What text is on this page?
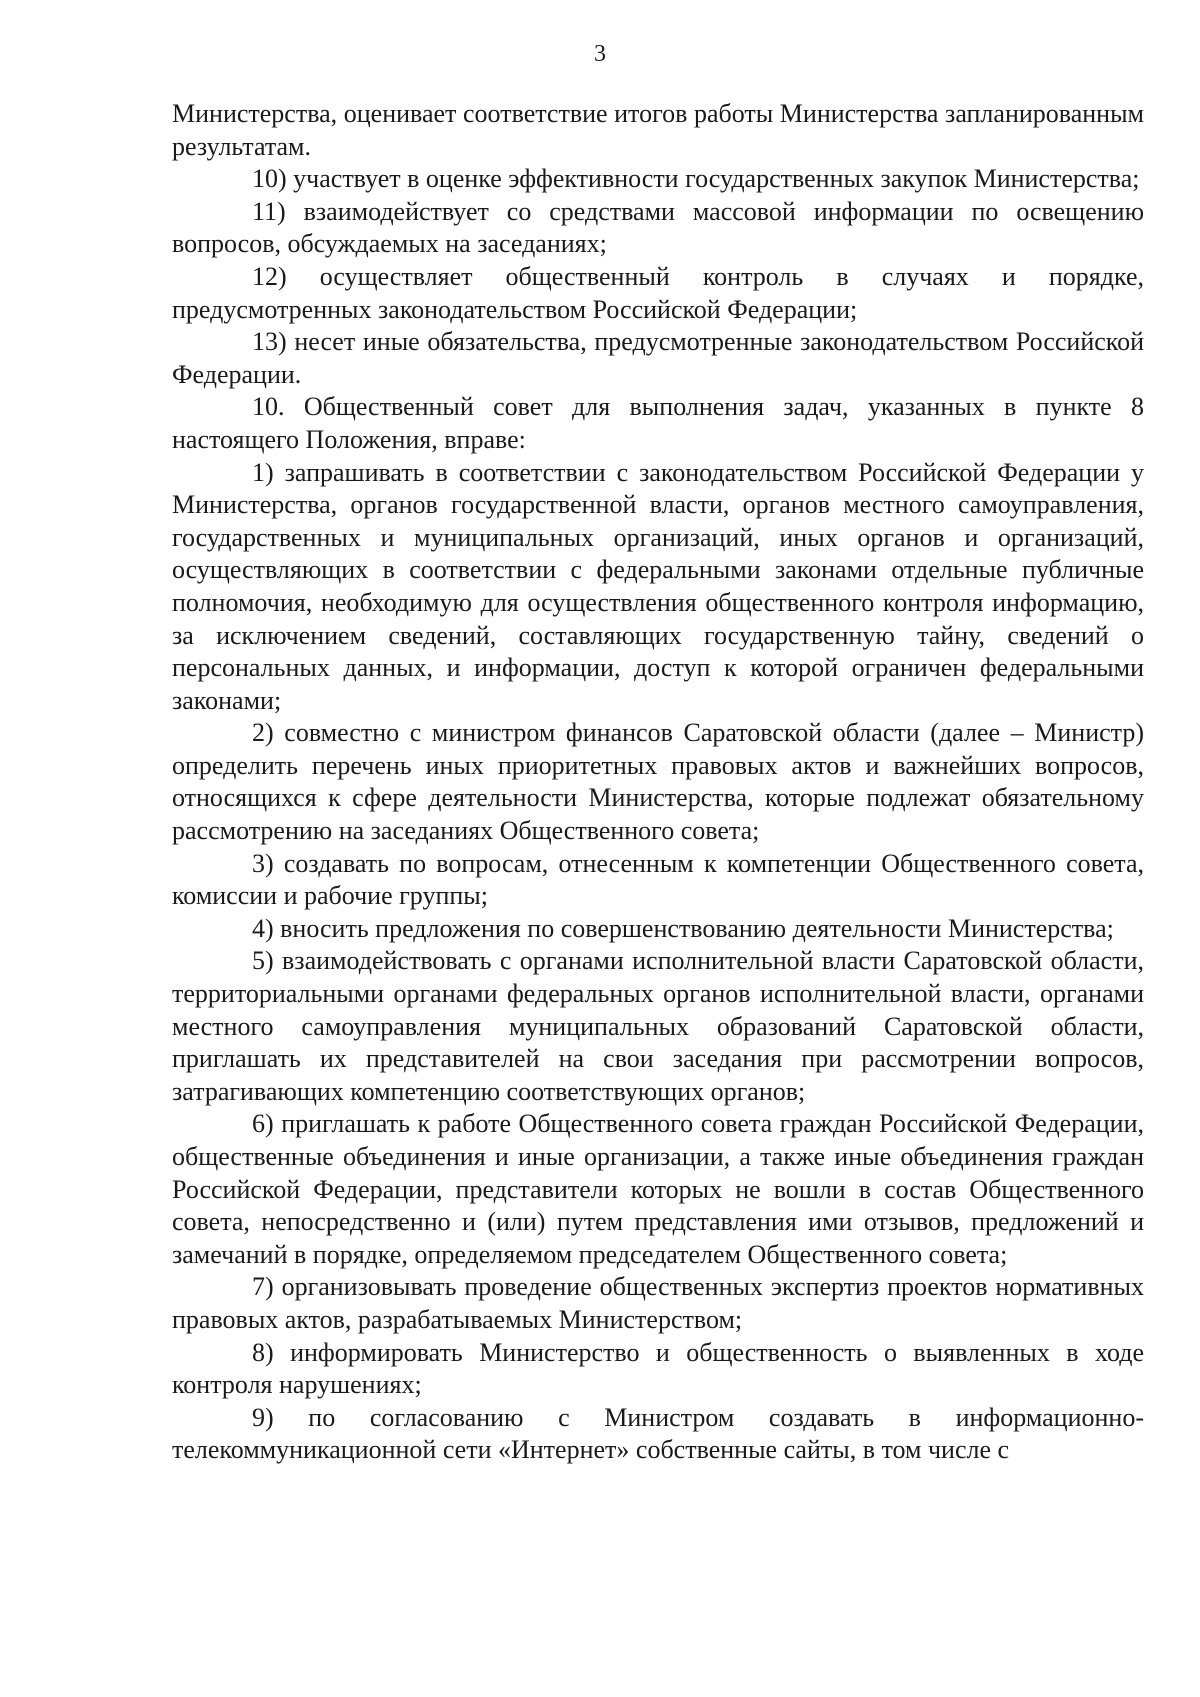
3

Министерства, оценивает соответствие итогов работы Министерства запланированным результатам.

10) участвует в оценке эффективности государственных закупок Министерства;

11) взаимодействует со средствами массовой информации по освещению вопросов, обсуждаемых на заседаниях;

12) осуществляет общественный контроль в случаях и порядке, предусмотренных законодательством Российской Федерации;

13) несет иные обязательства, предусмотренные законодательством Российской Федерации.

10. Общественный совет для выполнения задач, указанных в пункте 8 настоящего Положения, вправе:

1) запрашивать в соответствии с законодательством Российской Федерации у Министерства, органов государственной власти, органов местного самоуправления, государственных и муниципальных организаций, иных органов и организаций, осуществляющих в соответствии с федеральными законами отдельные публичные полномочия, необходимую для осуществления общественного контроля информацию, за исключением сведений, составляющих государственную тайну, сведений о персональных данных, и информации, доступ к которой ограничен федеральными законами;

2) совместно с министром финансов Саратовской области (далее – Министр) определить перечень иных приоритетных правовых актов и важнейших вопросов, относящихся к сфере деятельности Министерства, которые подлежат обязательному рассмотрению на заседаниях Общественного совета;

3) создавать по вопросам, отнесенным к компетенции Общественного совета, комиссии и рабочие группы;

4) вносить предложения по совершенствованию деятельности Министерства;

5) взаимодействовать с органами исполнительной власти Саратовской области, территориальными органами федеральных органов исполнительной власти, органами местного самоуправления муниципальных образований Саратовской области, приглашать их представителей на свои заседания при рассмотрении вопросов, затрагивающих компетенцию соответствующих органов;

6) приглашать к работе Общественного совета граждан Российской Федерации, общественные объединения и иные организации, а также иные объединения граждан Российской Федерации, представители которых не вошли в состав Общественного совета, непосредственно и (или) путем представления ими отзывов, предложений и замечаний в порядке, определяемом председателем Общественного совета;

7) организовывать проведение общественных экспертиз проектов нормативных правовых актов, разрабатываемых Министерством;

8) информировать Министерство и общественность о выявленных в ходе контроля нарушениях;

9) по согласованию с Министром создавать в информационно-телекоммуникационной сети «Интернет» собственные сайты, в том числе с
